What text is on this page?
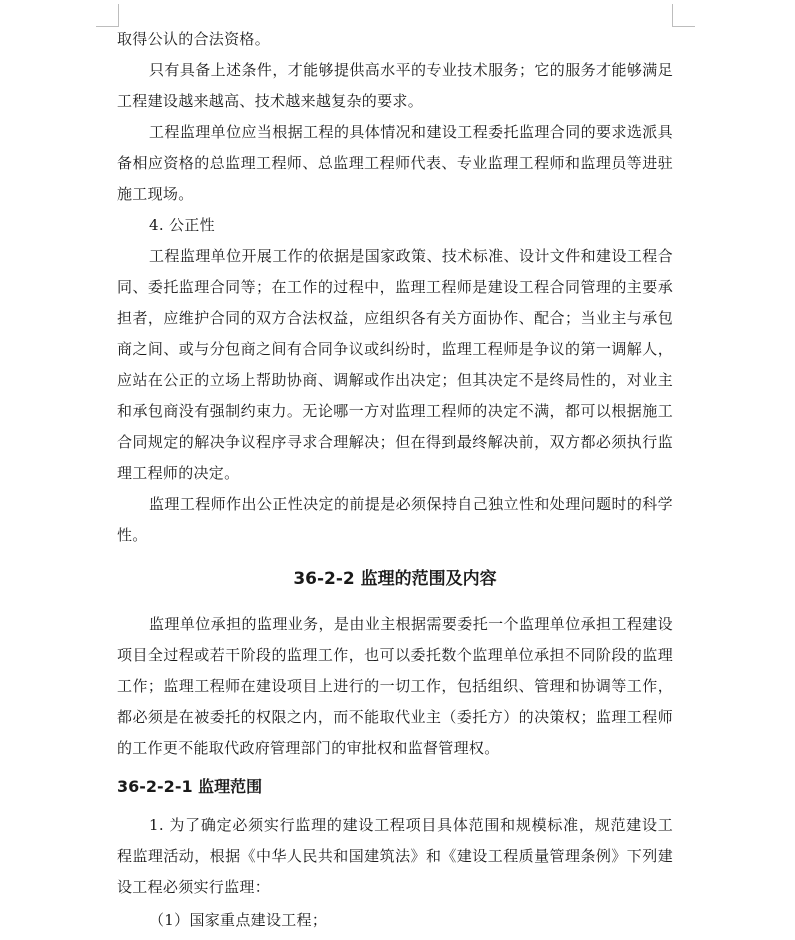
取得公认的合法资格。

只有具备上述条件，才能够提供高水平的专业技术服务；它的服务才能够满足工程建设越来越高、技术越来越复杂的要求。

工程监理单位应当根据工程的具体情况和建设工程委托监理合同的要求选派具备相应资格的总监理工程师、总监理工程师代表、专业监理工程师和监理员等进驻施工现场。

4. 公正性

工程监理单位开展工作的依据是国家政策、技术标准、设计文件和建设工程合同、委托监理合同等；在工作的过程中，监理工程师是建设工程合同管理的主要承担者，应维护合同的双方合法权益，应组织各有关方面协作、配合；当业主与承包商之间、或与分包商之间有合同争议或纠纷时，监理工程师是争议的第一调解人，应站在公正的立场上帮助协商、调解或作出决定；但其决定不是终局性的，对业主和承包商没有强制约束力。无论哪一方对监理工程师的决定不满，都可以根据施工合同规定的解决争议程序寻求合理解决；但在得到最终解决前，双方都必须执行监理工程师的决定。

监理工程师作出公正性决定的前提是必须保持自己独立性和处理问题时的科学性。

36-2-2 监理的范围及内容

监理单位承担的监理业务，是由业主根据需要委托一个监理单位承担工程建设项目全过程或若干阶段的监理工作，也可以委托数个监理单位承担不同阶段的监理工作；监理工程师在建设项目上进行的一切工作，包括组织、管理和协调等工作，都必须是在被委托的权限之内，而不能取代业主（委托方）的决策权；监理工程师的工作更不能取代政府管理部门的审批权和监督管理权。

36-2-2-1 监理范围

1. 为了确定必须实行监理的建设工程项目具体范围和规模标准，规范建设工程监理活动，根据《中华人民共和国建筑法》和《建设工程质量管理条例》下列建设工程必须实行监理：

（1）国家重点建设工程；
